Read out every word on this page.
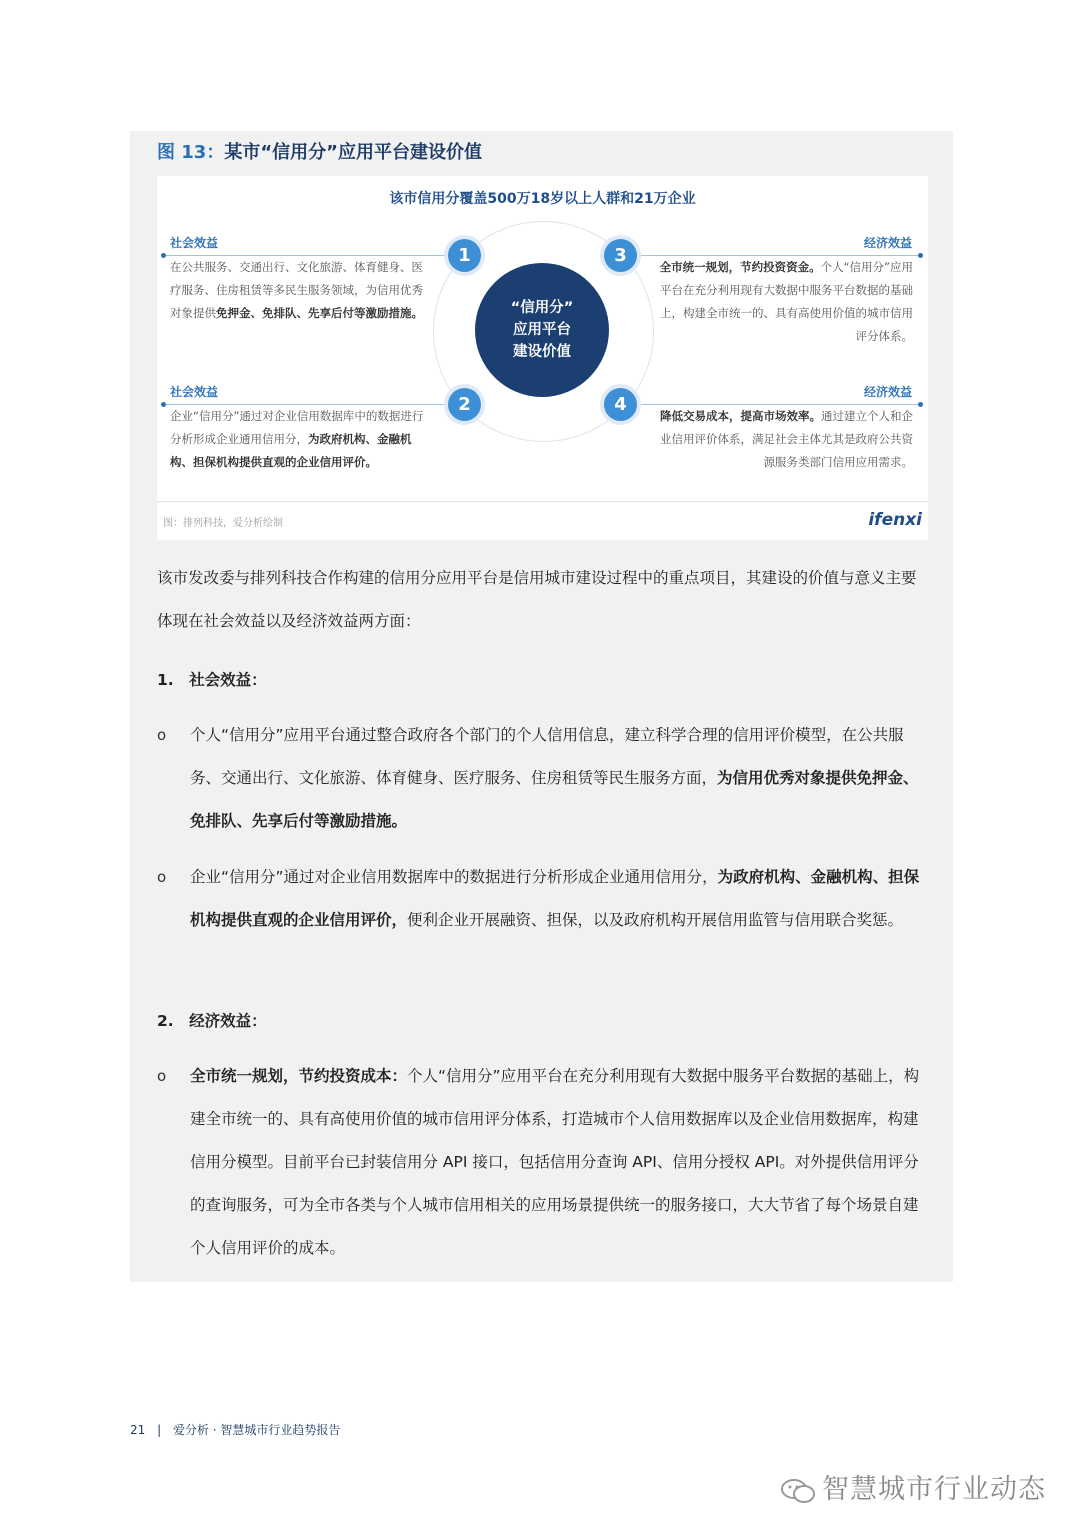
图 13：某市“信用分”应用平台建设价值
该市信用分覆盖500万18岁以上人群和21万企业
“信用分”
应用平台
建设价值
1
2
3
4
社会效益
在公共服务、交通出行、文化旅游、体育健身、医疗服务、住房租赁等多民生服务领域，为信用优秀对象提供免押金、免排队、先享后付等激励措施。
社会效益
企业“信用分”通过对企业信用数据库中的数据进行分析形成企业通用信用分，为政府机构、金融机构、担保机构提供直观的企业信用评价。
经济效益
全市统一规划，节约投资资金。个人“信用分”应用平台在充分利用现有大数据中服务平台数据的基础上，构建全市统一的、具有高使用价值的城市信用评分体系。
经济效益
降低交易成本，提高市场效率。通过建立个人和企业信用评价体系，满足社会主体尤其是政府公共资源服务类部门信用应用需求。
图：排列科技，爱分析绘制	ifenxi
该市发改委与排列科技合作构建的信用分应用平台是信用城市建设过程中的重点项目，其建设的价值与意义主要体现在社会效益以及经济效益两方面：
1.　社会效益：
o 个人“信用分”应用平台通过整合政府各个部门的个人信用信息，建立科学合理的信用评价模型，在公共服务、交通出行、文化旅游、体育健身、医疗服务、住房租赁等民生服务方面，为信用优秀对象提供免押金、免排队、先享后付等激励措施。
o 企业“信用分”通过对企业信用数据库中的数据进行分析形成企业通用信用分，为政府机构、金融机构、担保机构提供直观的企业信用评价，便利企业开展融资、担保，以及政府机构开展信用监管与信用联合奖惩。
2.　经济效益：
o 全市统一规划，节约投资成本：个人“信用分”应用平台在充分利用现有大数据中服务平台数据的基础上，构建全市统一的、具有高使用价值的城市信用评分体系，打造城市个人信用数据库以及企业信用数据库，构建信用分模型。目前平台已封装信用分 API 接口，包括信用分查询 API、信用分授权 API。对外提供信用评分的查询服务，可为全市各类与个人城市信用相关的应用场景提供统一的服务接口，大大节省了每个场景自建个人信用评价的成本。
21 | 爱分析 · 智慧城市行业趋势报告
智慧城市行业动态
